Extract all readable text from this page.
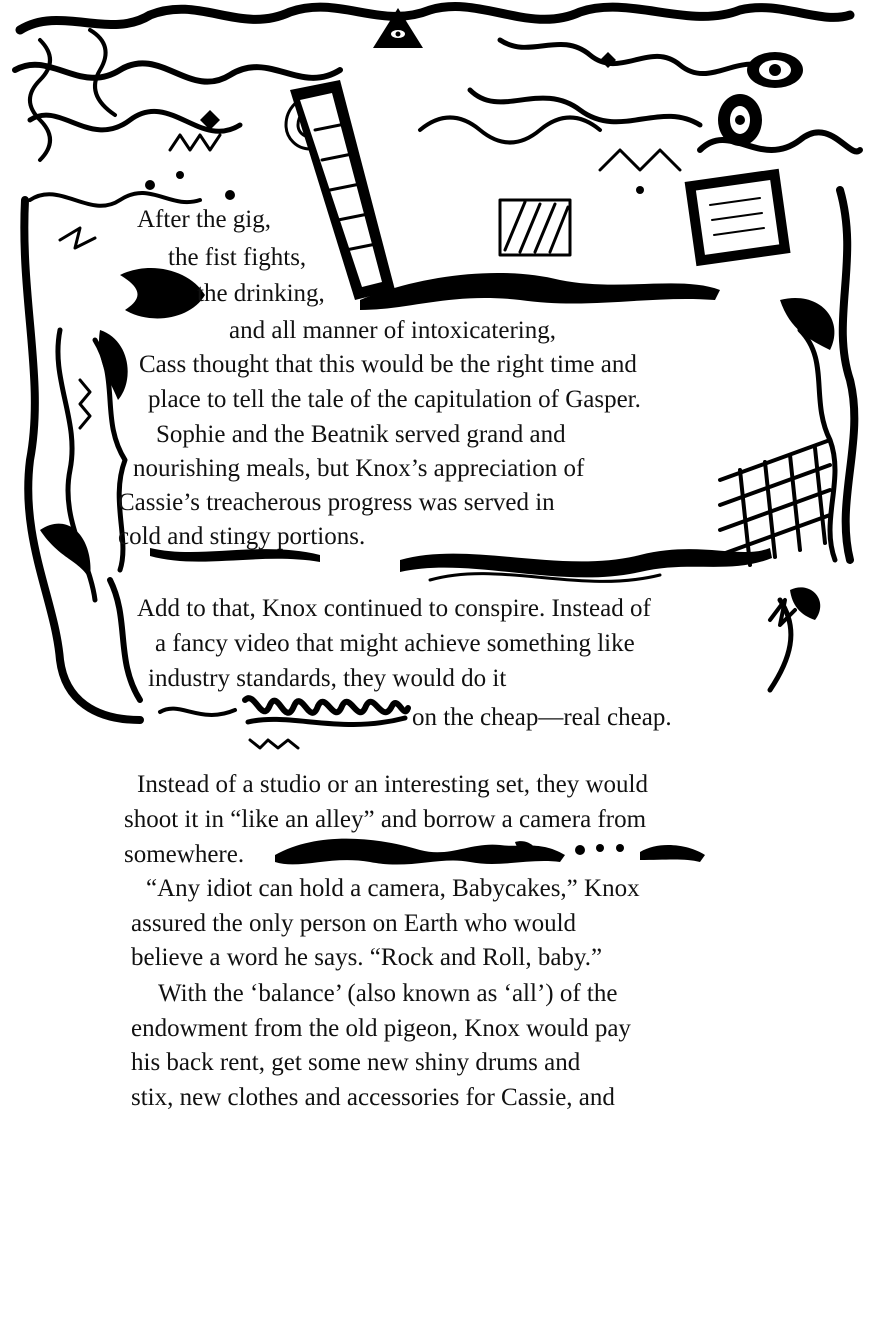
After the gig,
the fist fights,
the drinking,
and all manner of intoxicatering,
Cass thought that this would be the right time and
place to tell the tale of the capitulation of Gasper.
Sophie and the Beatnik served grand and
nourishing meals, but Knox’s appreciation of
Cassie’s treacherous progress was served in
cold and stingy portions.
Add to that, Knox continued to conspire. Instead of
a fancy video that might achieve something like
industry standards, they would do it
on the cheap—real cheap.
Instead of a studio or an interesting set, they would
shoot it in “like an alley” and borrow a camera from
somewhere.
“Any idiot can hold a camera, Babycakes,” Knox
assured the only person on Earth who would
believe a word he says. “Rock and Roll, baby.”
With the ‘balance’ (also known as ‘all’) of the
endowment from the old pigeon, Knox would pay
his back rent, get some new shiny drums and
stix, new clothes and accessories for Cassie, and
